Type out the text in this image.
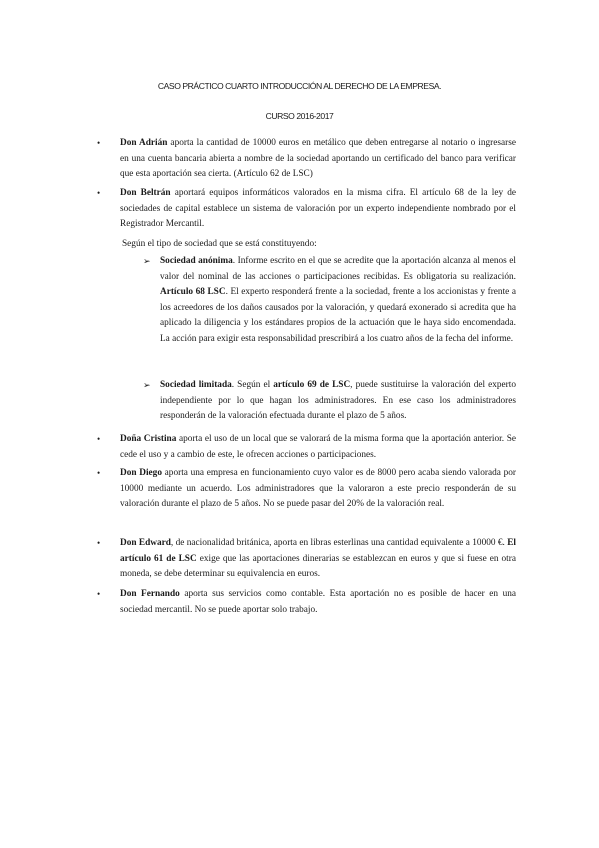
CASO PRÁCTICO CUARTO INTRODUCCIÓN AL DERECHO DE LA EMPRESA.
CURSO 2016-2017
• Don Adrián aporta la cantidad de 10000 euros en metálico que deben entregarse al notario o ingresarse en una cuenta bancaria abierta a nombre de la sociedad aportando un certificado del banco para verificar que esta aportación sea cierta. (Artículo 62 de LSC)

• Don Beltrán aportará equipos informáticos valorados en la misma cifra. El artículo 68 de la ley de sociedades de capital establece un sistema de valoración por un experto independiente nombrado por el Registrador Mercantil.

Según el tipo de sociedad que se está constituyendo:

➢ Sociedad anónima. Informe escrito en el que se acredite que la aportación alcanza al menos el valor del nominal de las acciones o participaciones recibidas. Es obligatoria su realización. Artículo 68 LSC. El experto responderá frente a la sociedad, frente a los accionistas y frente a los acreedores de los daños causados por la valoración, y quedará exonerado si acredita que ha aplicado la diligencia y los estándares propios de la actuación que le haya sido encomendada. La acción para exigir esta responsabilidad prescribirá a los cuatro años de la fecha del informe.

➢ Sociedad limitada. Según el artículo 69 de LSC, puede sustituirse la valoración del experto independiente por lo que hagan los administradores. En ese caso los administradores responderán de la valoración efectuada durante el plazo de 5 años.

• Doña Cristina aporta el uso de un local que se valorará de la misma forma que la aportación anterior. Se cede el uso y a cambio de este, le ofrecen acciones o participaciones.

• Don Diego aporta una empresa en funcionamiento cuyo valor es de 8000 pero acaba siendo valorada por 10000 mediante un acuerdo. Los administradores que la valoraron a este precio responderán de su valoración durante el plazo de 5 años. No se puede pasar del 20% de la valoración real.

• Don Edward, de nacionalidad británica, aporta en libras esterlinas una cantidad equivalente a 10000 €. El artículo 61 de LSC exige que las aportaciones dinerarias se establezcan en euros y que si fuese en otra moneda, se debe determinar su equivalencia en euros.

• Don Fernando aporta sus servicios como contable. Esta aportación no es posible de hacer en una sociedad mercantil. No se puede aportar solo trabajo.
